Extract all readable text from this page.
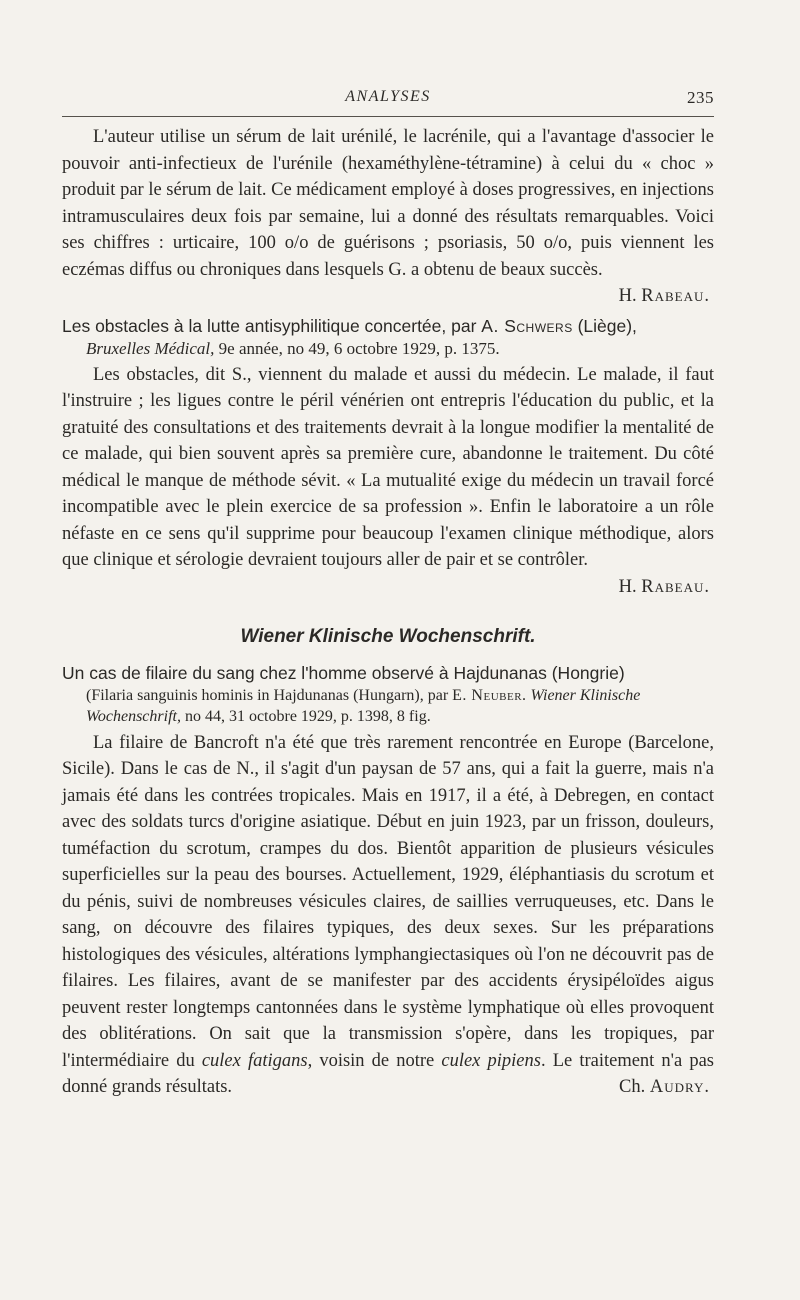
ANALYSES	235

L'auteur utilise un sérum de lait urénilé, le lacrénile, qui a l'avantage d'associer le pouvoir anti-infectieux de l'urénile (hexaméthylène-tétramine) à celui du « choc » produit par le sérum de lait. Ce médicament employé à doses progressives, en injections intramusculaires deux fois par semaine, lui a donné des résultats remarquables. Voici ses chiffres : urticaire, 100 o/o de guérisons ; psoriasis, 50 o/o, puis viennent les eczémas diffus ou chroniques dans lesquels G. a obtenu de beaux succès.

H. Rabeau.

Les obstacles à la lutte antisyphilitique concertée, par A. Schwers (Liège),

Bruxelles Médical, 9e année, no 49, 6 octobre 1929, p. 1375.

Les obstacles, dit S., viennent du malade et aussi du médecin. Le malade, il faut l'instruire ; les ligues contre le péril vénérien ont entrepris l'éducation du public, et la gratuité des consultations et des traitements devrait à la longue modifier la mentalité de ce malade, qui bien souvent après sa première cure, abandonne le traitement. Du côté médical le manque de méthode sévit. « La mutualité exige du médecin un travail forcé incompatible avec le plein exercice de sa profession ». Enfin le laboratoire a un rôle néfaste en ce sens qu'il supprime pour beaucoup l'examen clinique méthodique, alors que clinique et sérologie devraient toujours aller de pair et se contrôler.

H. Rabeau.

Wiener Klinische Wochenschrift.
Un cas de filaire du sang chez l'homme observé à Hajdunanas (Hongrie)

(Filaria sanguinis hominis in Hajdunanas (Hungarn), par E. Neuber. Wiener Klinische Wochenschrift, no 44, 31 octobre 1929, p. 1398, 8 fig.

La filaire de Bancroft n'a été que très rarement rencontrée en Europe (Barcelone, Sicile). Dans le cas de N., il s'agit d'un paysan de 57 ans, qui a fait la guerre, mais n'a jamais été dans les contrées tropicales. Mais en 1917, il a été, à Debregen, en contact avec des soldats turcs d'origine asiatique. Début en juin 1923, par un frisson, douleurs, tuméfaction du scrotum, crampes du dos. Bientôt apparition de plusieurs vésicules superficielles sur la peau des bourses. Actuellement, 1929, éléphantiasis du scrotum et du pénis, suivi de nombreuses vésicules claires, de saillies verruqueuses, etc. Dans le sang, on découvre des filaires typiques, des deux sexes. Sur les préparations histologiques des vésicules, altérations lymphangiectasiques où l'on ne découvrit pas de filaires. Les filaires, avant de se manifester par des accidents érysipéloïdes aigus peuvent rester longtemps cantonnées dans le système lymphatique où elles provoquent des oblitérations. On sait que la transmission s'opère, dans les tropiques, par l'intermédiaire du culex fatigans, voisin de notre culex pipiens. Le traitement n'a pas donné grands résultats.	Ch. Audry.
